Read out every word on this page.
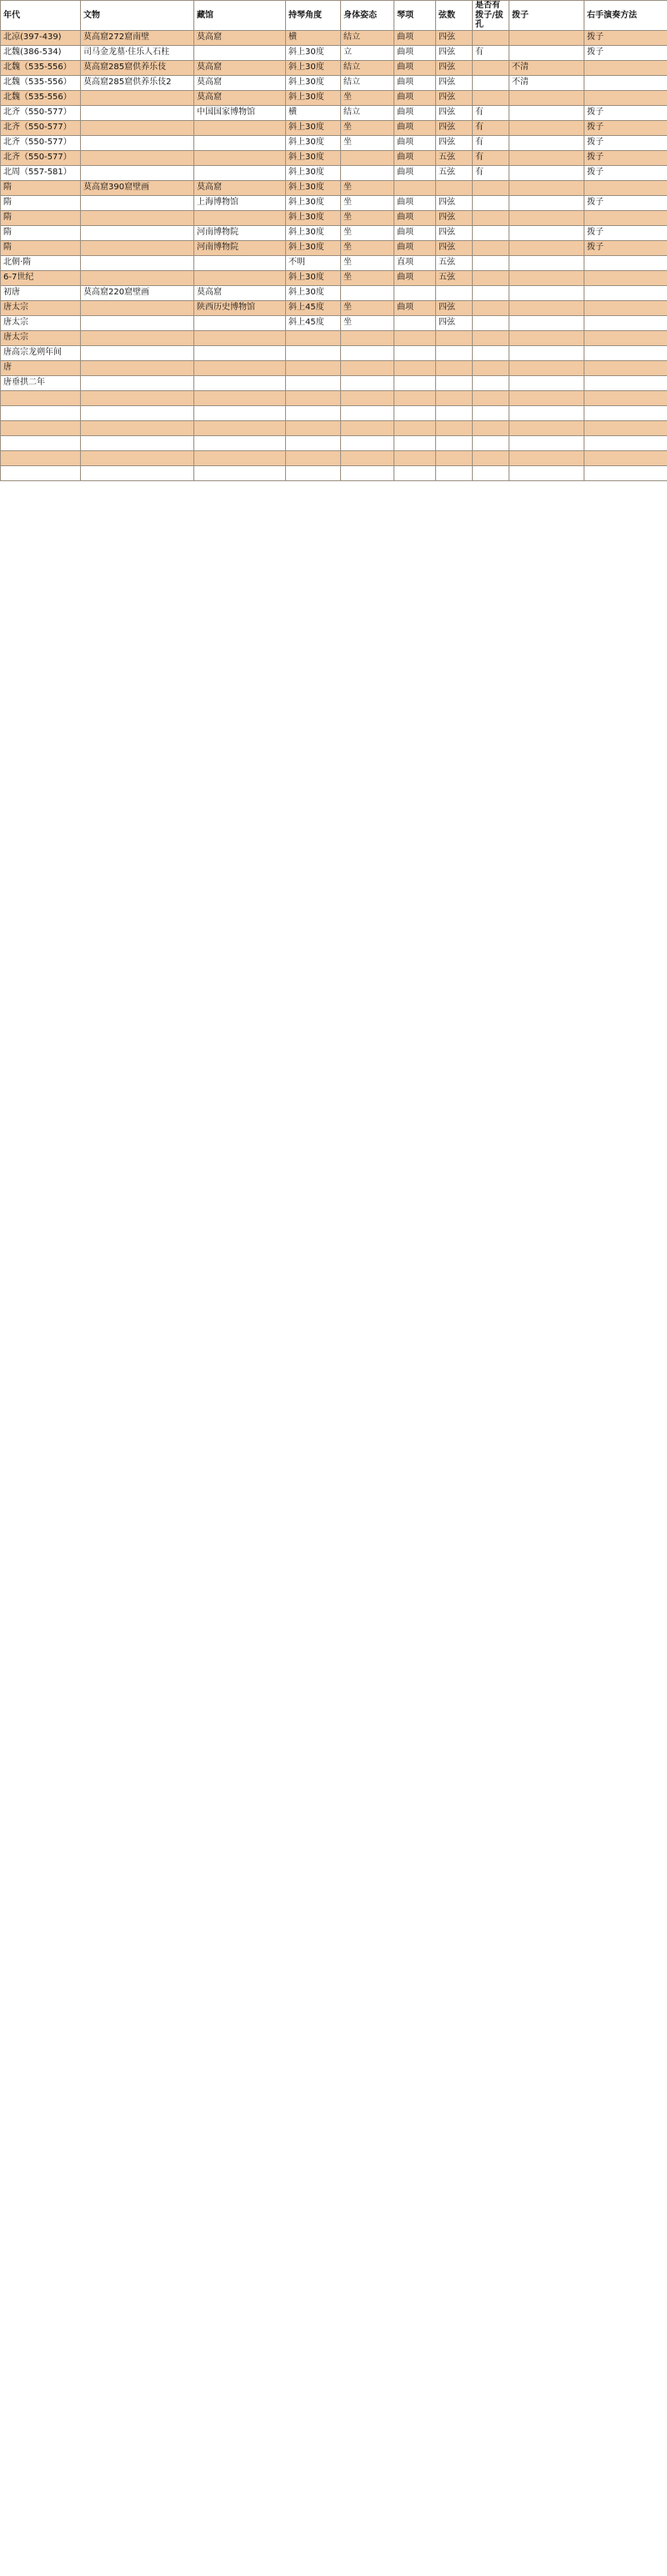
年代	文物	藏馆	持琴角度	身体姿态	琴项	弦数	是否有拨子/拔孔	拨子	右手演奏方法
北凉(397-439)	莫高窟272窟南壁	莫高窟	横	结立	曲项	四弦			拨子
北魏(386-534)	司马金龙墓·住乐人石柱		斜上30度	立	曲项	四弦	有		拨子
北魏（535-556）	莫高窟285窟供养乐伎	莫高窟	斜上30度	结立	曲项	四弦		不清	
北魏（535-556）	莫高窟285窟供养乐伎2	莫高窟	斜上30度	结立	曲项	四弦		不清	
北魏（535-556）		莫高窟	斜上30度	坐	曲项	四弦			
北齐（550-577）		中国国家博物馆	横	结立	曲项	四弦	有		拨子
北齐（550-577）			斜上30度	坐	曲项	四弦	有		拨子
北齐（550-577）			斜上30度	坐	曲项	四弦	有		拨子
北齐（550-577）			斜上30度		曲项	五弦	有		拨子
北周（557-581）			斜上30度		曲项	五弦	有		拨子
隋	莫高窟390窟壁画	莫高窟	斜上30度	坐					
隋		上海博物馆	斜上30度	坐	曲项	四弦			拨子
隋			斜上30度	坐	曲项	四弦			
隋		河南博物院	斜上30度	坐	曲项	四弦			拨子
隋		河南博物院	斜上30度	坐	曲项	四弦			拨子
北朝·隋			不明	坐	直项	五弦			
6-7世纪			斜上30度	坐	曲项	五弦			
初唐	莫高窟220窟壁画	莫高窟	斜上30度						
唐太宗		陕西历史博物馆	斜上45度	坐	曲项	四弦			
唐太宗			斜上45度	坐		四弦			
唐太宗									
唐高宗龙朔年间									
唐									
唐垂拱二年									
